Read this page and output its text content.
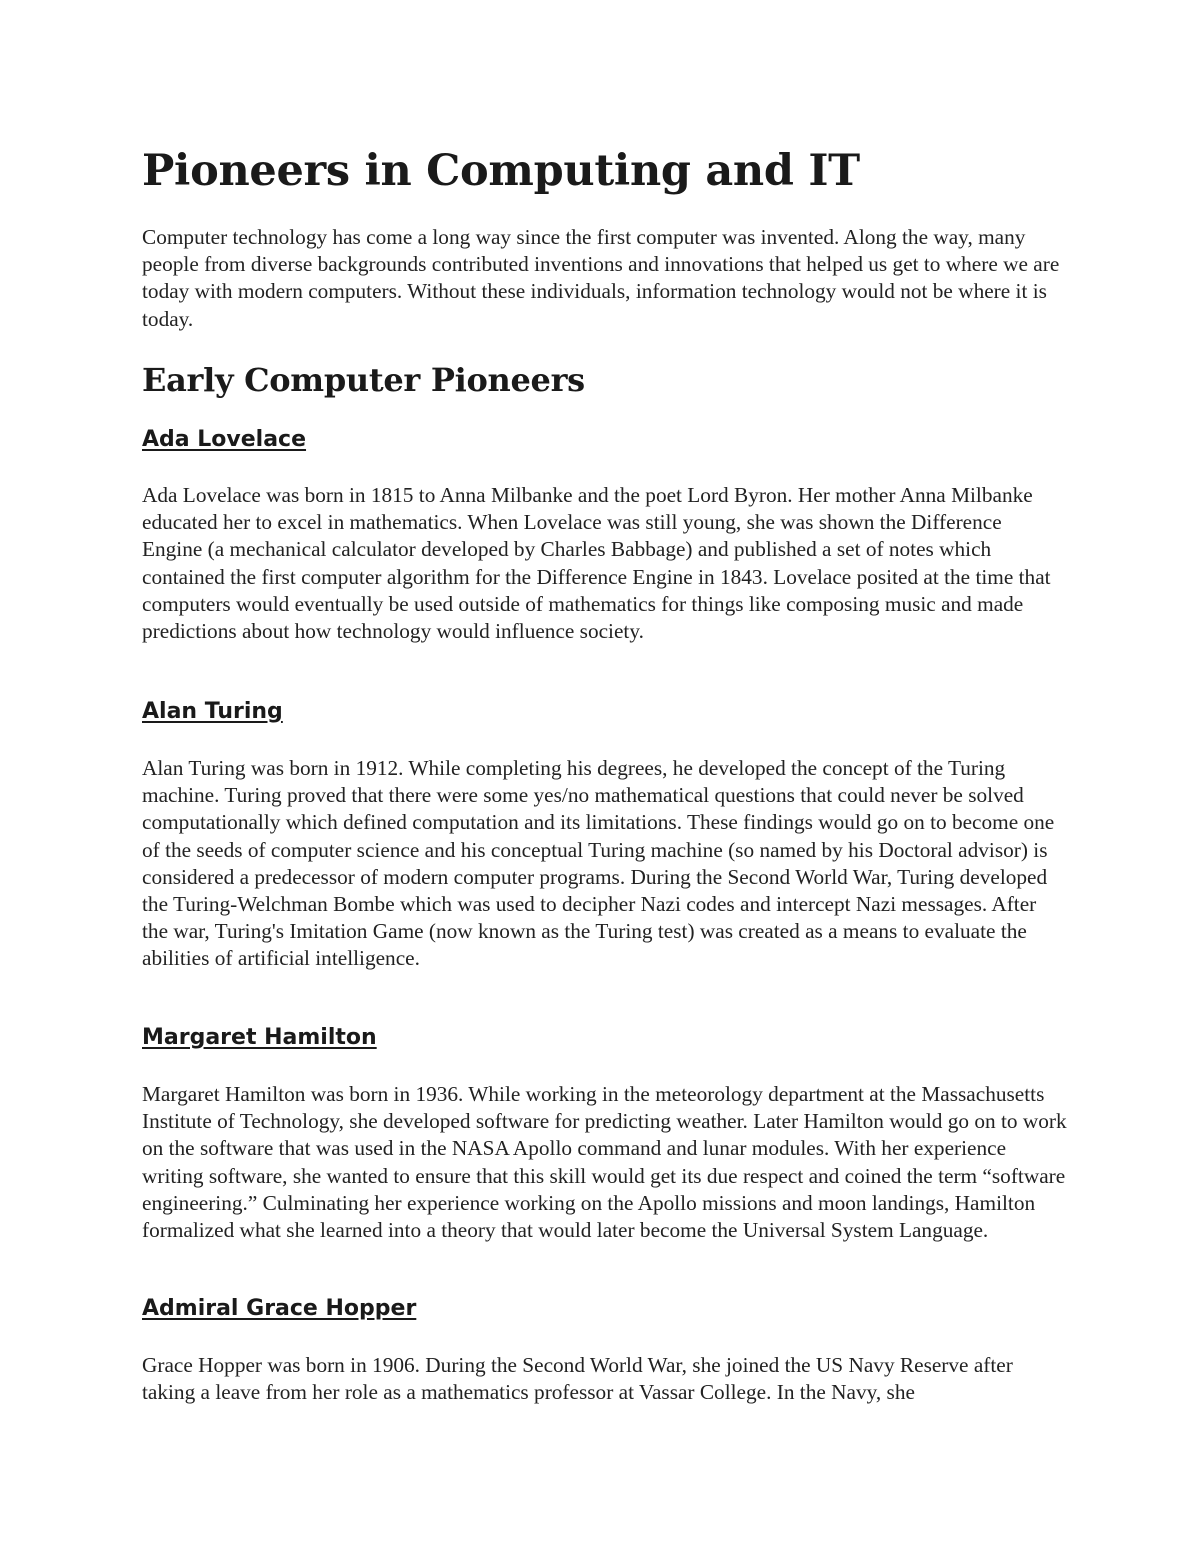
Pioneers in Computing and IT

Computer technology has come a long way since the first computer was invented. Along the way, many people from diverse backgrounds contributed inventions and innovations that helped us get to where we are today with modern computers. Without these individuals, information technology would not be where it is today.

Early Computer Pioneers
Ada Lovelace

Ada Lovelace was born in 1815 to Anna Milbanke and the poet Lord Byron. Her mother Anna Milbanke educated her to excel in mathematics. When Lovelace was still young, she was shown the Difference Engine (a mechanical calculator developed by Charles Babbage) and published a set of notes which contained the first computer algorithm for the Difference Engine in 1843. Lovelace posited at the time that computers would eventually be used outside of mathematics for things like composing music and made predictions about how technology would influence society.

Alan Turing

Alan Turing was born in 1912. While completing his degrees, he developed the concept of the Turing machine. Turing proved that there were some yes/no mathematical questions that could never be solved computationally which defined computation and its limitations. These findings would go on to become one of the seeds of computer science and his conceptual Turing machine (so named by his Doctoral advisor) is considered a predecessor of modern computer programs. During the Second World War, Turing developed the Turing-Welchman Bombe which was used to decipher Nazi codes and intercept Nazi messages. After the war, Turing's Imitation Game (now known as the Turing test) was created as a means to evaluate the abilities of artificial intelligence.

Margaret Hamilton

Margaret Hamilton was born in 1936. While working in the meteorology department at the Massachusetts Institute of Technology, she developed software for predicting weather. Later Hamilton would go on to work on the software that was used in the NASA Apollo command and lunar modules. With her experience writing software, she wanted to ensure that this skill would get its due respect and coined the term “software engineering.” Culminating her experience working on the Apollo missions and moon landings, Hamilton formalized what she learned into a theory that would later become the Universal System Language.

Admiral Grace Hopper

Grace Hopper was born in 1906. During the Second World War, she joined the US Navy Reserve after taking a leave from her role as a mathematics professor at Vassar College. In the Navy, she
